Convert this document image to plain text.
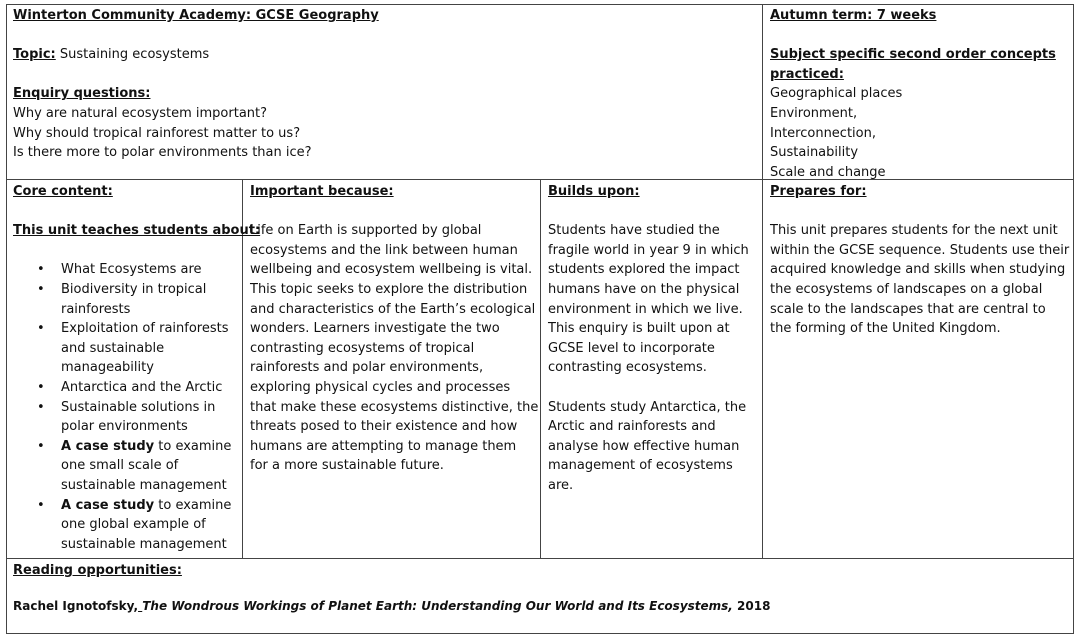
Winterton Community Academy: GCSE Geography
Topic: Sustaining ecosystems
Enquiry questions:
Why are natural ecosystem important?
Why should tropical rainforest matter to us?
Is there more to polar environments than ice?
Autumn term: 7 weeks
Subject specific second order concepts
practiced:
Geographical places
Environment,
Interconnection,
Sustainability
Scale and change
Core content:
This unit teaches students about:
• What Ecosystems are
• Biodiversity in tropical
rainforests
• Exploitation of rainforests
and sustainable
manageability
• Antarctica and the Arctic
• Sustainable solutions in
polar environments
• A case study to examine
one small scale of
sustainable management
• A case study to examine
one global example of
sustainable management
Important because:
Life on Earth is supported by global
ecosystems and the link between human
wellbeing and ecosystem wellbeing is vital.
This topic seeks to explore the distribution
and characteristics of the Earth’s ecological
wonders. Learners investigate the two
contrasting ecosystems of tropical
rainforests and polar environments,
exploring physical cycles and processes
that make these ecosystems distinctive, the
threats posed to their existence and how
humans are attempting to manage them
for a more sustainable future.
Builds upon:
Students have studied the
fragile world in year 9 in which
students explored the impact
humans have on the physical
environment in which we live.
This enquiry is built upon at
GCSE level to incorporate
contrasting ecosystems.
Students study Antarctica, the
Arctic and rainforests and
analyse how effective human
management of ecosystems
are.
Prepares for:
This unit prepares students for the next unit
within the GCSE sequence. Students use their
acquired knowledge and skills when studying
the ecosystems of landscapes on a global
scale to the landscapes that are central to
the forming of the United Kingdom.
Reading opportunities:
Rachel Ignotofsky, The Wondrous Workings of Planet Earth: Understanding Our World and Its Ecosystems, 2018
